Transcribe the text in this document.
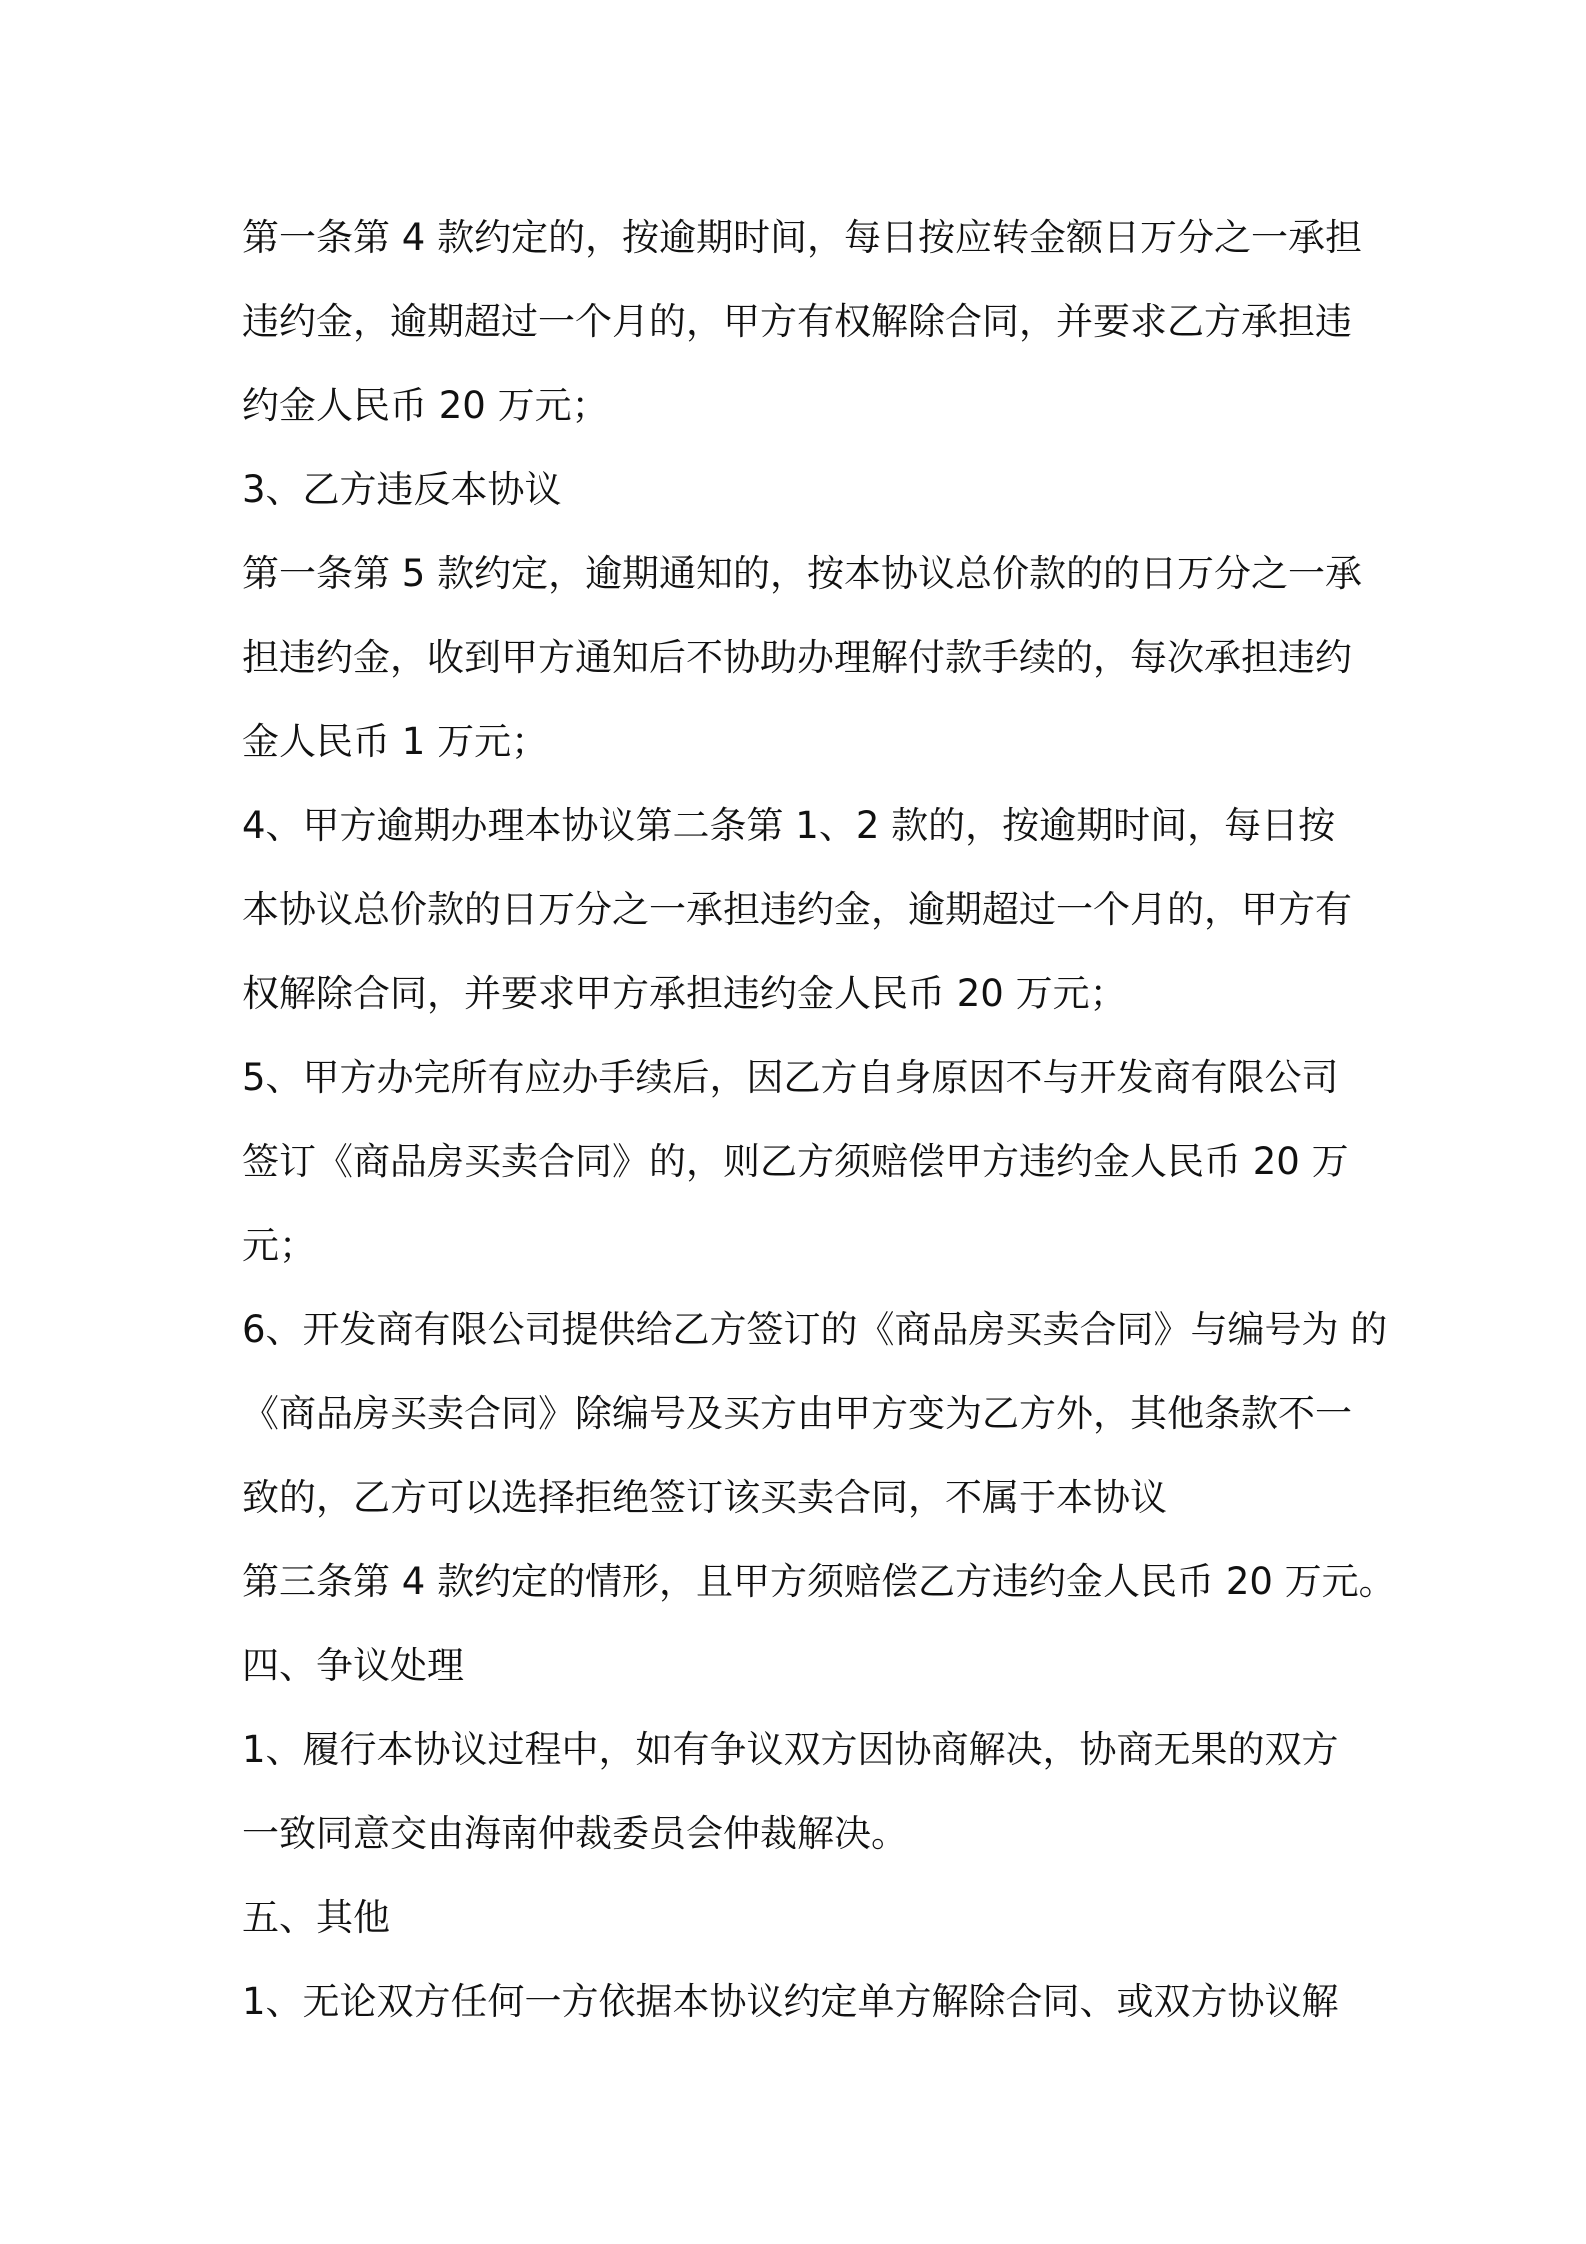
第一条第 4 款约定的，按逾期时间，每日按应转金额日万分之一承担
违约金，逾期超过一个月的，甲方有权解除合同，并要求乙方承担违
约金人民币 20 万元；
3、乙方违反本协议
第一条第 5 款约定，逾期通知的，按本协议总价款的的日万分之一承
担违约金，收到甲方通知后不协助办理解付款手续的，每次承担违约
金人民币 1 万元；
4、甲方逾期办理本协议第二条第 1、2 款的，按逾期时间，每日按
本协议总价款的日万分之一承担违约金，逾期超过一个月的，甲方有
权解除合同，并要求甲方承担违约金人民币 20 万元；
5、甲方办完所有应办手续后，因乙方自身原因不与开发商有限公司
签订《商品房买卖合同》的，则乙方须赔偿甲方违约金人民币 20 万
元；
6、开发商有限公司提供给乙方签订的《商品房买卖合同》与编号为 的
《商品房买卖合同》除编号及买方由甲方变为乙方外，其他条款不一
致的，乙方可以选择拒绝签订该买卖合同，不属于本协议
第三条第 4 款约定的情形，且甲方须赔偿乙方违约金人民币 20 万元。
四、争议处理
1、履行本协议过程中，如有争议双方因协商解决，协商无果的双方
一致同意交由海南仲裁委员会仲裁解决。
五、其他
1、无论双方任何一方依据本协议约定单方解除合同、或双方协议解
